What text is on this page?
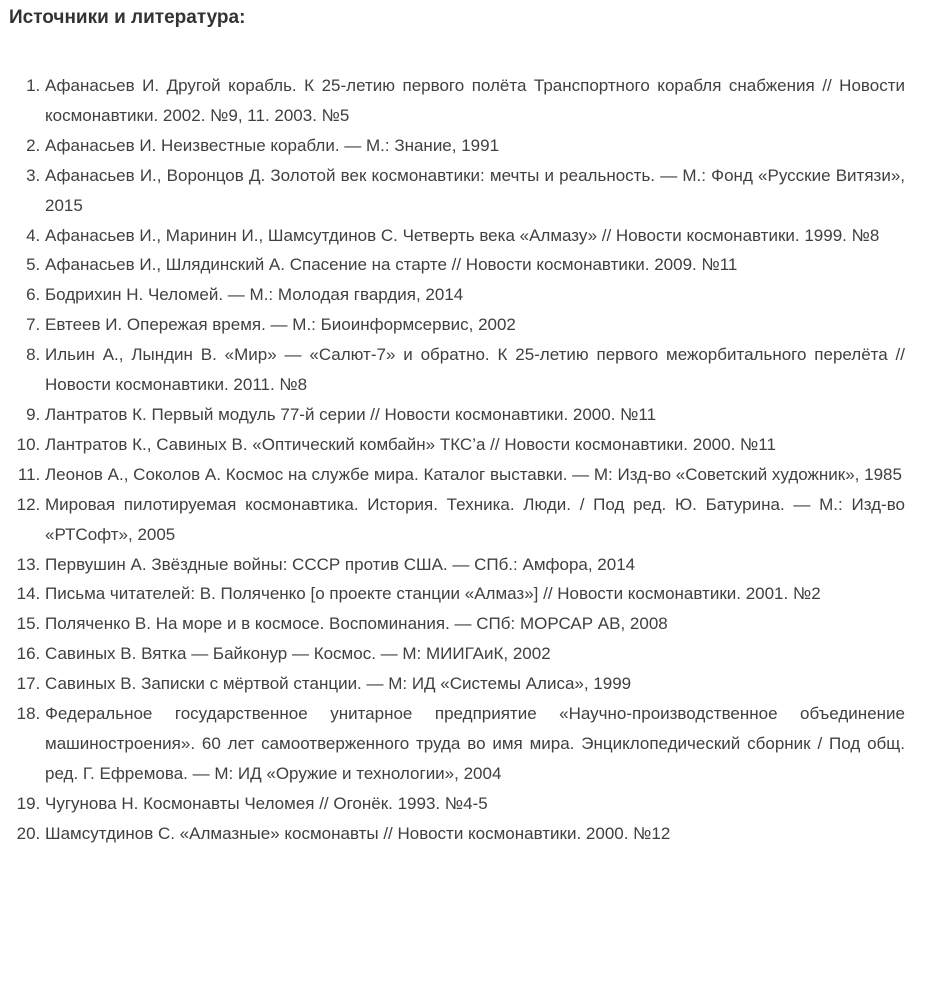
Источники и литература:
1. Афанасьев И. Другой корабль. К 25-летию первого полёта Транспортного корабля снабжения // Новости космонавтики. 2002. №9, 11. 2003. №5
2. Афанасьев И. Неизвестные корабли. — М.: Знание, 1991
3. Афанасьев И., Воронцов Д. Золотой век космонавтики: мечты и реальность. — М.: Фонд «Русские Витязи», 2015
4. Афанасьев И., Маринин И., Шамсутдинов С. Четверть века «Алмазу» // Новости космонавтики. 1999. №8
5. Афанасьев И., Шлядинский А. Спасение на старте // Новости космонавтики. 2009. №11
6. Бодрихин Н. Челомей. — М.: Молодая гвардия, 2014
7. Евтеев И. Опережая время. — М.: Биоинформсервис, 2002
8. Ильин А., Лындин В. «Мир» — «Салют-7» и обратно. К 25-летию первого межорбитального перелёта // Новости космонавтики. 2011. №8
9. Лантратов К. Первый модуль 77-й серии // Новости космонавтики. 2000. №11
10. Лантратов К., Савиных В. «Оптический комбайн» ТКС’а // Новости космонавтики. 2000. №11
11. Леонов А., Соколов А. Космос на службе мира. Каталог выставки. — М: Изд-во «Советский художник», 1985
12. Мировая пилотируемая космонавтика. История. Техника. Люди. / Под ред. Ю. Батурина. — М.: Изд-во «РТСофт», 2005
13. Первушин А. Звёздные войны: СССР против США. — СПб.: Амфора, 2014
14. Письма читателей: В. Поляченко [о проекте станции «Алмаз»] // Новости космонавтики. 2001. №2
15. Поляченко В. На море и в космосе. Воспоминания. — СПб: МОРСАР АВ, 2008
16. Савиных В. Вятка — Байконур — Космос. — М: МИИГАиК, 2002
17. Савиных В. Записки с мёртвой станции. — М: ИД «Системы Алиса», 1999
18. Федеральное государственное унитарное предприятие «Научно-производственное объединение машиностроения». 60 лет самоотверженного труда во имя мира. Энциклопедический сборник / Под общ. ред. Г. Ефремова. — М: ИД «Оружие и технологии», 2004
19. Чугунова Н. Космонавты Челомея // Огонёк. 1993. №4-5
20. Шамсутдинов С. «Алмазные» космонавты // Новости космонавтики. 2000. №12
